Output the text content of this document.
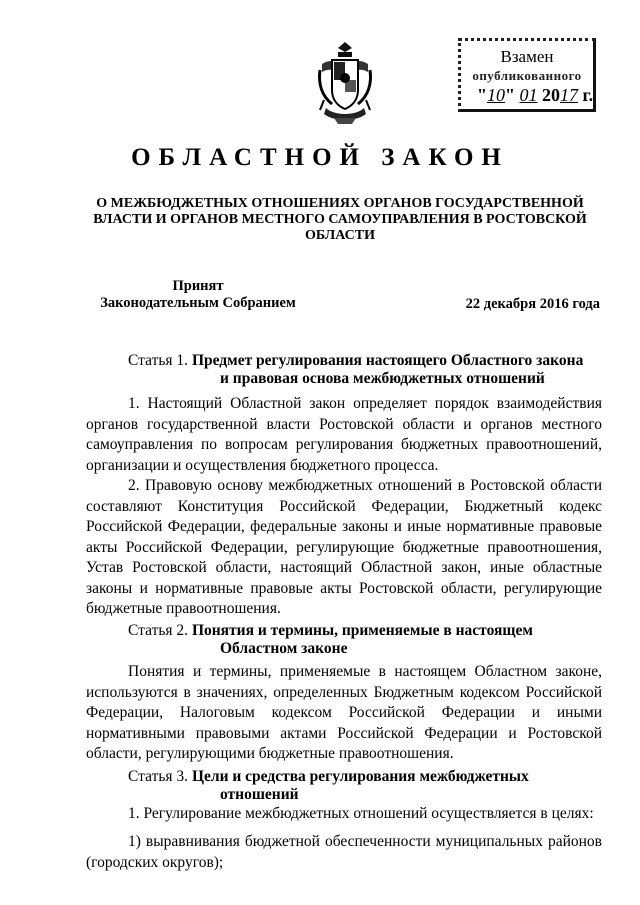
Взамен
опубликованного
"10" 01 2017 г.
ОБЛАСТНОЙ ЗАКОН
О МЕЖБЮДЖЕТНЫХ ОТНОШЕНИЯХ ОРГАНОВ ГОСУДАРСТВЕННОЙ ВЛАСТИ И ОРГАНОВ МЕСТНОГО САМОУПРАВЛЕНИЯ В РОСТОВСКОЙ ОБЛАСТИ
Принят
Законодательным Собранием	22 декабря 2016 года
Статья 1. Предмет регулирования настоящего Областного закона
и правовая основа межбюджетных отношений

1. Настоящий Областной закон определяет порядок взаимодействия органов государственной власти Ростовской области и органов местного самоуправления по вопросам регулирования бюджетных правоотношений, организации и осуществления бюджетного процесса.

2. Правовую основу межбюджетных отношений в Ростовской области составляют Конституция Российской Федерации, Бюджетный кодекс Российской Федерации, федеральные законы и иные нормативные правовые акты Российской Федерации, регулирующие бюджетные правоотношения, Устав Ростовской области, настоящий Областной закон, иные областные законы и нормативные правовые акты Ростовской области, регулирующие бюджетные правоотношения.

Статья 2. Понятия и термины, применяемые в настоящем
Областном законе

Понятия и термины, применяемые в настоящем Областном законе, используются в значениях, определенных Бюджетным кодексом Российской Федерации, Налоговым кодексом Российской Федерации и иными нормативными правовыми актами Российской Федерации и Ростовской области, регулирующими бюджетные правоотношения.

Статья 3. Цели и средства регулирования межбюджетных
отношений

1. Регулирование межбюджетных отношений осуществляется в целях:

1) выравнивания бюджетной обеспеченности муниципальных районов (городских округов);
